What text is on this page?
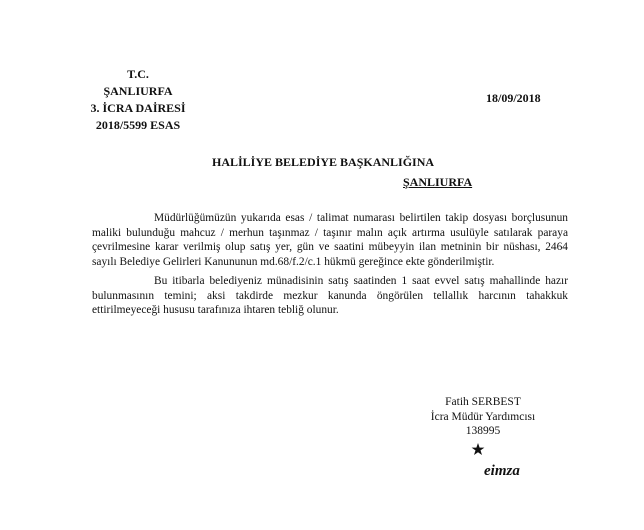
T.C.
ŞANLIURFA
3. İCRA DAİRESİ
2018/5599 ESAS
18/09/2018
HALİLİYE BELEDİYE BAŞKANLIĞINA
ŞANLIURFA

Müdürlüğümüzün yukarıda esas / talimat numarası belirtilen takip dosyası borçlusunun maliki bulunduğu mahcuz / merhun taşınmaz / taşınır malın açık artırma usulüyle satılarak paraya çevrilmesine karar verilmiş olup satış yer, gün ve saatini mübeyyin ilan metninin bir nüshası, 2464 sayılı Belediye Gelirleri Kanununun md.68/f.2/c.1 hükmü gereğince ekte gönderilmiştir.

Bu itibarla belediyeniz münadisinin satış saatinden 1 saat evvel satış mahallinde hazır bulunmasının temini; aksi takdirde mezkur kanunda öngörülen tellallık harcının tahakkuk ettirilmeyeceği hususu tarafınıza ihtaren tebliğ olunur.

Fatih SERBEST
İcra Müdür Yardımcısı
138995
eimza
